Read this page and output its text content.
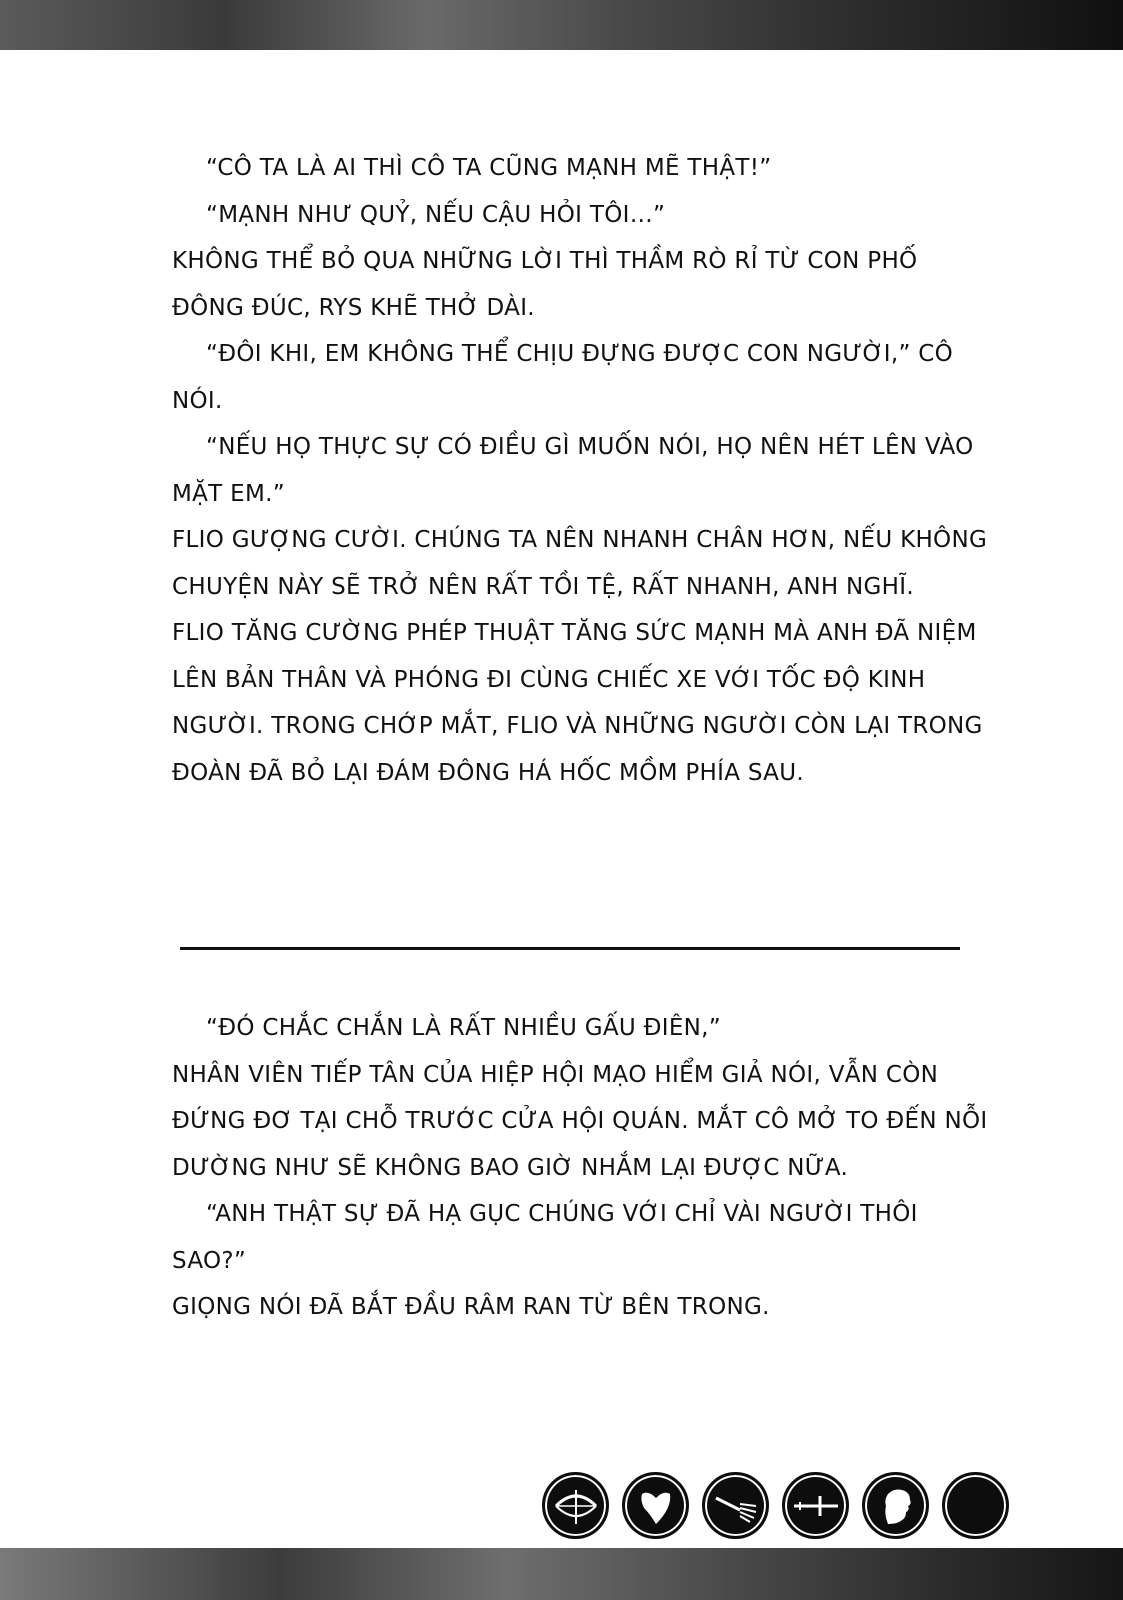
“CÔ TA LÀ AI THÌ CÔ TA CŨNG MẠNH MẼ THẬT!”

“MẠNH NHƯ QUỶ, NẾU CẬU HỎI TÔI…”

KHÔNG THỂ BỎ QUA NHỮNG LỜI THÌ THẦM RÒ RỈ TỪ CON PHỐ ĐÔNG ĐÚC, RYS KHẼ THỞ DÀI.

“ĐÔI KHI, EM KHÔNG THỂ CHỊU ĐỰNG ĐƯỢC CON NGƯỜI,” CÔ NÓI.

“NẾU HỌ THỰC SỰ CÓ ĐIỀU GÌ MUỐN NÓI, HỌ NÊN HÉT LÊN VÀO MẶT EM.”

FLIO GƯỢNG CƯỜI. CHÚNG TA NÊN NHANH CHÂN HƠN, NẾU KHÔNG CHUYỆN NÀY SẼ TRỞ NÊN RẤT TỒI TỆ, RẤT NHANH, ANH NGHĨ.

FLIO TĂNG CƯỜNG PHÉP THUẬT TĂNG SỨC MẠNH MÀ ANH ĐÃ NIỆM LÊN BẢN THÂN VÀ PHÓNG ĐI CÙNG CHIẾC XE VỚI TỐC ĐỘ KINH NGƯỜI. TRONG CHỚP MẮT, FLIO VÀ NHỮNG NGƯỜI CÒN LẠI TRONG ĐOÀN ĐÃ BỎ LẠI ĐÁM ĐÔNG HÁ HỐC MỒM PHÍA SAU.

“ĐÓ CHẮC CHẮN LÀ RẤT NHIỀU GẤU ĐIÊN,”

NHÂN VIÊN TIẾP TÂN CỦA HIỆP HỘI MẠO HIỂM GIẢ NÓI, VẪN CÒN ĐỨNG ĐƠ TẠI CHỖ TRƯỚC CỬA HỘI QUÁN. MẮT CÔ MỞ TO ĐẾN NỖI DƯỜNG NHƯ SẼ KHÔNG BAO GIỜ NHẮM LẠI ĐƯỢC NỮA.

“ANH THẬT SỰ ĐÃ HẠ GỤC CHÚNG VỚI CHỈ VÀI NGƯỜI THÔI SAO?”

GIỌNG NÓI ĐÃ BẮT ĐẦU RÂM RAN TỪ BÊN TRONG.
